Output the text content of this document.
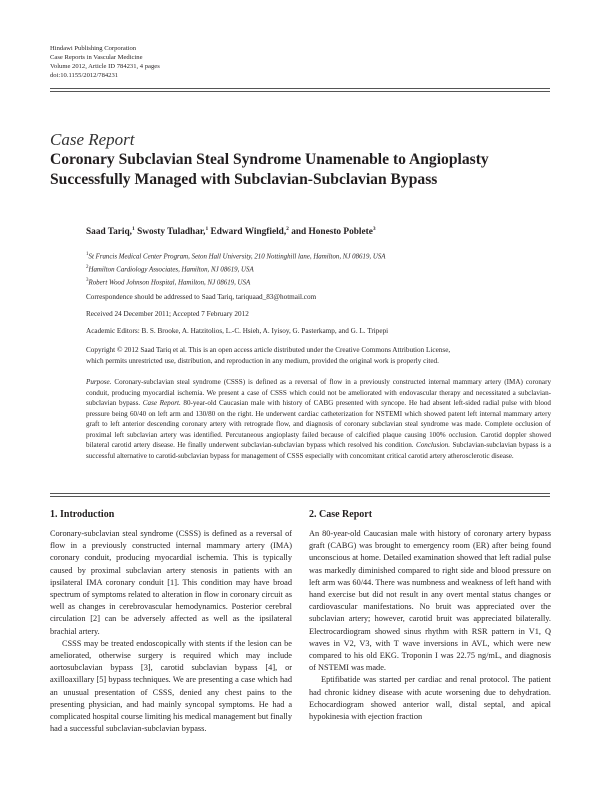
Hindawi Publishing Corporation
Case Reports in Vascular Medicine
Volume 2012, Article ID 784231, 4 pages
doi:10.1155/2012/784231
Case Report
Coronary Subclavian Steal Syndrome Unamenable to Angioplasty
Successfully Managed with Subclavian-Subclavian Bypass
Saad Tariq,$^1$ Swosty Tuladhar,$^1$ Edward Wingfield,$^2$ and Honesto Poblete$^3$
$^1$St Francis Medical Center Program, Seton Hall University, 210 Nottinghill lane, Hamilton, NJ 08619, USA
$^2$Hamilton Cardiology Associates, Hamilton, NJ 08619, USA
$^3$Robert Wood Johnson Hospital, Hamilton, NJ 08619, USA
Correspondence should be addressed to Saad Tariq, tariquaad_83@hotmail.com
Received 24 December 2011; Accepted 7 February 2012
Academic Editors: B. S. Brooke, A. Hatzitolios, L.-C. Hsieh, A. Iyisoy, G. Pasterkamp, and G. L. Tripepi
Copyright © 2012 Saad Tariq et al. This is an open access article distributed under the Creative Commons Attribution License,
which permits unrestricted use, distribution, and reproduction in any medium, provided the original work is properly cited.
Purpose. Coronary-subclavian steal syndrome (CSSS) is defined as a reversal of flow in a previously constructed internal mammary artery (IMA) coronary conduit, producing myocardial ischemia. We present a case of CSSS which could not be ameliorated with endovascular therapy and necessitated a subclavian-subclavian bypass. Case Report. 80-year-old Caucasian male with history of CABG presented with syncope. He had absent left-sided radial pulse with blood pressure being 60/40 on left arm and 130/80 on the right. He underwent cardiac catheterization for NSTEMI which showed patent left internal mammary artery graft to left anterior descending coronary artery with retrograde flow, and diagnosis of coronary subclavian steal syndrome was made. Complete occlusion of proximal left subclavian artery was identified. Percutaneous angioplasty failed because of calcified plaque causing 100% occlusion. Carotid doppler showed bilateral carotid artery disease. He finally underwent subclavian-subclavian bypass which resolved his condition. Conclusion. Subclavian-subclavian bypass is a successful alternative to carotid-subclavian bypass for management of CSSS especially with concomitant critical carotid artery atherosclerotic disease.
1. Introduction

Coronary-subclavian steal syndrome (CSSS) is defined as a reversal of flow in a previously constructed internal mammary artery (IMA) coronary conduit, producing myocardial ischemia. This is typically caused by proximal subclavian artery stenosis in patients with an ipsilateral IMA coronary conduit [1]. This condition may have broad spectrum of symptoms related to alteration in flow in coronary circuit as well as changes in cerebrovascular hemodynamics. Posterior cerebral circulation [2] can be adversely affected as well as the ipsilateral brachial artery.

CSSS may be treated endoscopically with stents if the lesion can be ameliorated, otherwise surgery is required which may include aortosubclavian bypass [3], carotid subclavian bypass [4], or axilloaxillary [5] bypass techniques. We are presenting a case which had an unusual presentation of CSSS, denied any chest pains to the presenting physician, and had mainly syncopal symptoms. He had a complicated hospital course limiting his medical management but finally had a successful subclavian-subclavian bypass.

2. Case Report

An 80-year-old Caucasian male with history of coronary artery bypass graft (CABG) was brought to emergency room (ER) after being found unconscious at home. Detailed examination showed that left radial pulse was markedly diminished compared to right side and blood pressure on left arm was 60/44. There was numbness and weakness of left hand with hand exercise but did not result in any overt mental status changes or cardiovascular manifestations. No bruit was appreciated over the subclavian artery; however, carotid bruit was appreciated bilaterally. Electrocardiogram showed sinus rhythm with RSR pattern in V1, Q waves in V2, V3, with T wave inversions in AVL, which were new compared to his old EKG. Troponin I was 22.75 ng/mL, and diagnosis of NSTEMI was made.

Eptifibatide was started per cardiac and renal protocol. The patient had chronic kidney disease with acute worsening due to dehydration. Echocardiogram showed anterior wall, distal septal, and apical hypokinesia with ejection fraction
